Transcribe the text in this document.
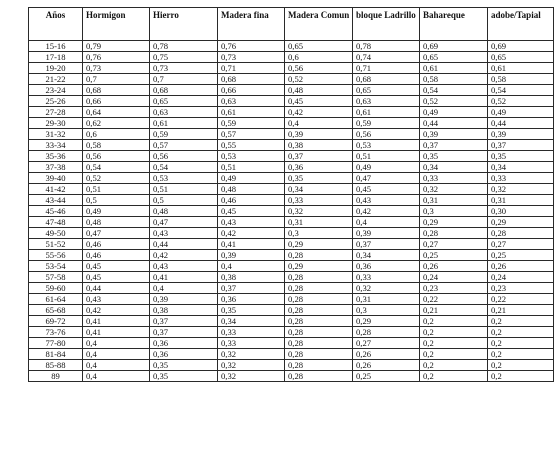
Años	Hormigon	Hierro	Madera fina	Madera Comun	bloque Ladrillo	Bahareque	adobe/Tapial
15-16	0,79	0,78	0,76	0,65	0,78	0,69	0,69
17-18	0,76	0,75	0,73	0,6	0,74	0,65	0,65
19-20	0,73	0,73	0,71	0,56	0,71	0,61	0,61
21-22	0,7	0,7	0,68	0,52	0,68	0,58	0,58
23-24	0,68	0,68	0,66	0,48	0,65	0,54	0,54
25-26	0,66	0,65	0,63	0,45	0,63	0,52	0,52
27-28	0,64	0,63	0,61	0,42	0,61	0,49	0,49
29-30	0,62	0,61	0,59	0,4	0,59	0,44	0,44
31-32	0,6	0,59	0,57	0,39	0,56	0,39	0,39
33-34	0,58	0,57	0,55	0,38	0,53	0,37	0,37
35-36	0,56	0,56	0,53	0,37	0,51	0,35	0,35
37-38	0,54	0,54	0,51	0,36	0,49	0,34	0,34
39-40	0,52	0,53	0,49	0,35	0,47	0,33	0,33
41-42	0,51	0,51	0,48	0,34	0,45	0,32	0,32
43-44	0,5	0,5	0,46	0,33	0,43	0,31	0,31
45-46	0,49	0,48	0,45	0,32	0,42	0,3	0,30
47-48	0,48	0,47	0,43	0,31	0,4	0,29	0,29
49-50	0,47	0,43	0,42	0,3	0,39	0,28	0,28
51-52	0,46	0,44	0,41	0,29	0,37	0,27	0,27
55-56	0,46	0,42	0,39	0,28	0,34	0,25	0,25
53-54	0,45	0,43	0,4	0,29	0,36	0,26	0,26
57-58	0,45	0,41	0,38	0,28	0,33	0,24	0,24
59-60	0,44	0,4	0,37	0,28	0,32	0,23	0,23
61-64	0,43	0,39	0,36	0,28	0,31	0,22	0,22
65-68	0,42	0,38	0,35	0,28	0,3	0,21	0,21
69-72	0,41	0,37	0,34	0,28	0,29	0,2	0,2
73-76	0,41	0,37	0,33	0,28	0,28	0,2	0,2
77-80	0,4	0,36	0,33	0,28	0,27	0,2	0,2
81-84	0,4	0,36	0,32	0,28	0,26	0,2	0,2
85-88	0,4	0,35	0,32	0,28	0,26	0,2	0,2
89	0,4	0,35	0,32	0,28	0,25	0,2	0,2
